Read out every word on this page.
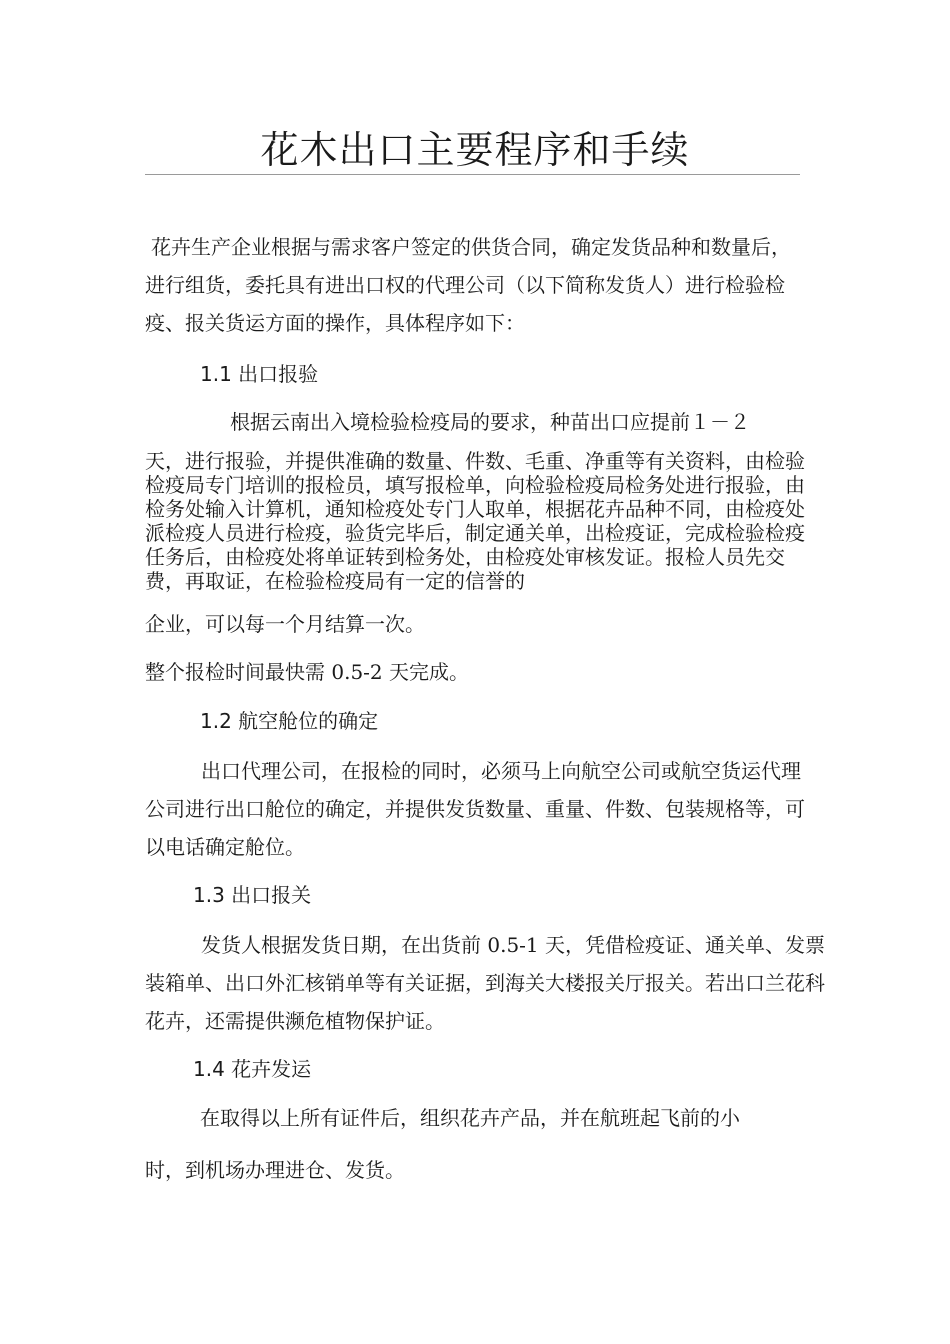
花木出口主要程序和手续

花卉生产企业根据与需求客户签定的供货合同，确定发货品种和数量后，进行组货，委托具有进出口权的代理公司（以下简称发货人）进行检验检疫、报关货运方面的操作，具体程序如下：

1.1 出口报验

根据云南出入境检验检疫局的要求，种苗出口应提前１－２

天，进行报验，并提供准确的数量、件数、毛重、净重等有关资料，由检验检疫局专门培训的报检员，填写报检单，向检验检疫局检务处进行报验，由检务处输入计算机，通知检疫处专门人取单，根据花卉品种不同，由检疫处派检疫人员进行检疫，验货完毕后，制定通关单，出检疫证，完成检验检疫任务后，由检疫处将单证转到检务处，由检疫处审核发证。报检人员先交费，再取证，在检验检疫局有一定的信誉的

企业，可以每一个月结算一次。

整个报检时间最快需 0.5-2 天完成。

1.2 航空舱位的确定

出口代理公司，在报检的同时，必须马上向航空公司或航空货运代理公司进行出口舱位的确定，并提供发货数量、重量、件数、包装规格等，可以电话确定舱位。

1.3 出口报关

发货人根据发货日期，在出货前 0.5-1 天，凭借检疫证、通关单、发票装箱单、出口外汇核销单等有关证据，到海关大楼报关厅报关。若出口兰花科花卉，还需提供濒危植物保护证。

1.4 花卉发运

在取得以上所有证件后，组织花卉产品，并在航班起飞前的小

时，到机场办理进仓、发货。
